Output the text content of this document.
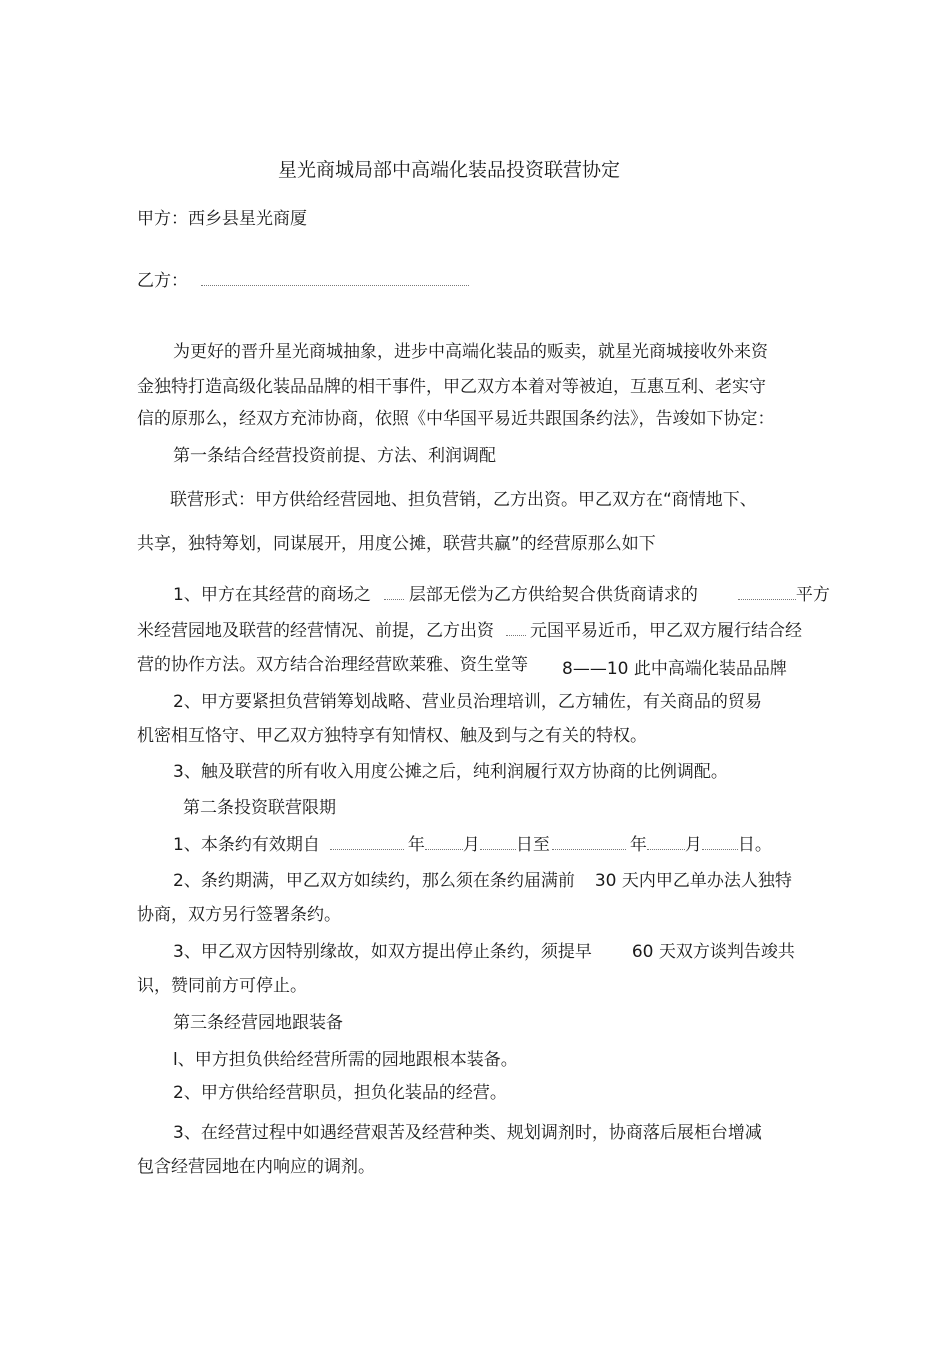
星光商城局部中高端化装品投资联营协定
甲方：西乡县星光商厦
乙方：
为更好的晋升星光商城抽象，进步中高端化装品的贩卖，就星光商城接收外来资
金独特打造高级化装品品牌的相干事件，甲乙双方本着对等被迫，互惠互利、老实守
信的原那么，经双方充沛协商，依照《中华国平易近共跟国条约法》，告竣如下协定：
第一条结合经营投资前提、方法、利润调配
联营形式：甲方供给经营园地、担负营销，乙方出资。甲乙双方在“商情地下、
共享，独特筹划，同谋展开，用度公摊，联营共赢”的经营原那么如下
1、甲方在其经营的商场之 层部无偿为乙方供给契合供货商请求的	平方
米经营园地及联营的经营情况、前提，乙方出资 元国平易近币，甲乙双方履行结合经
营的协作方法。双方结合治理经营欧莱雅、资生堂等 8——10 此中高端化装品品牌
2、甲方要紧担负营销筹划战略、营业员治理培训，乙方辅佐，有关商品的贸易
机密相互恪守、甲乙双方独特享有知情权、触及到与之有关的特权。
3、触及联营的所有收入用度公摊之后，纯利润履行双方协商的比例调配。
第二条投资联营限期
1、本条约有效期自	年 月 日至	年 月 日。
2、条约期满，甲乙双方如续约，那么须在条约届满前 30 天内甲乙单办法人独特
协商，双方另行签署条约。
3、甲乙双方因特别缘故，如双方提出停止条约，须提早 60 天双方谈判告竣共
识，赞同前方可停止。
第三条经营园地跟装备
l、甲方担负供给经营所需的园地跟根本装备。
2、甲方供给经营职员，担负化装品的经营。
3、在经营过程中如遇经营艰苦及经营种类、规划调剂时，协商落后展柜台增减
包含经营园地在内响应的调剂。
